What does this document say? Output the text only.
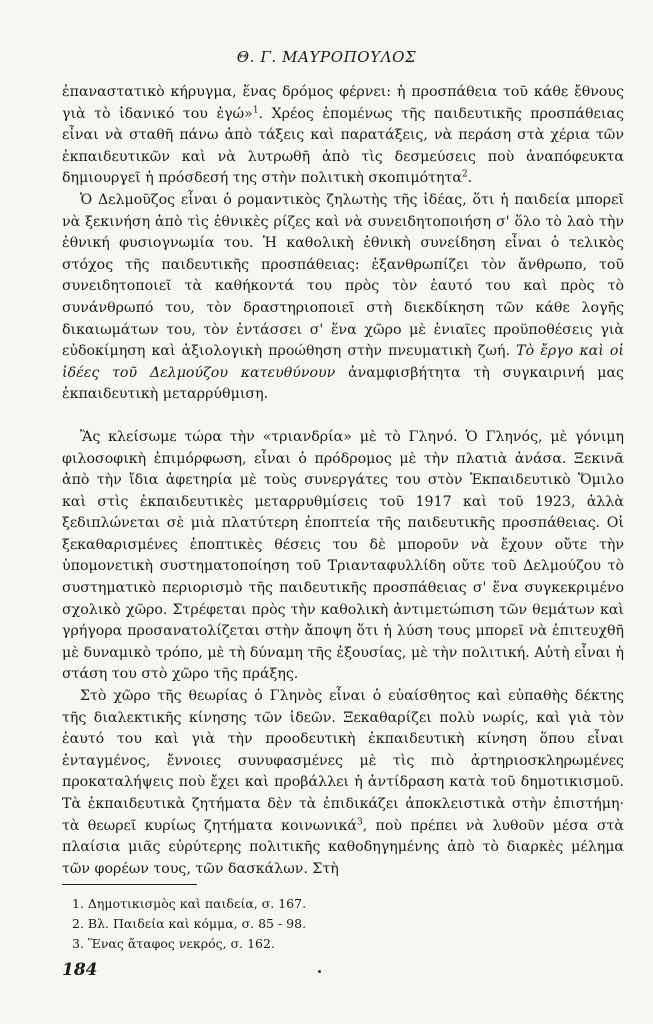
Θ. Γ. ΜΑΥΡΟΠΟΥΛΟΣ

ἐπαναστατικὸ κήρυγμα, ἕνας δρόμος φέρνει: ἡ προσπάθεια τοῦ κάθε ἔθνους γιὰ τὸ ἰδανικό του ἐγώ»$^1$. Χρέος ἑπομένως τῆς παιδευτικῆς προσπάθειας εἶναι νὰ σταθῆ πάνω ἀπὸ τάξεις καὶ παρατάξεις, νὰ περάση στὰ χέρια τῶν ἐκπαιδευτικῶν καὶ νὰ λυτρωθῆ ἀπὸ τὶς δεσμεύσεις ποὺ ἀναπόφευκτα δημιουργεῖ ἡ πρόσδεσή της στὴν πολιτικὴ σκοπιμότητα$^2$.

Ὁ Δελμοῦζος εἶναι ὁ ρομαντικὸς ζηλωτὴς τῆς ἰδέας, ὅτι ἡ παιδεία μπορεῖ νὰ ξεκινήση ἀπὸ τὶς ἐθνικὲς ρίζες καὶ νὰ συνειδητοποιήση σ' ὅλο τὸ λαὸ τὴν ἐθνική φυσιογνωμία του. Ἡ καθολικὴ ἐθνικὴ συνείδηση εἶναι ὁ τελικὸς στόχος τῆς παιδευτικῆς προσπάθειας: ἐξανθρωπίζει τὸν ἄνθρωπο, τοῦ συνειδητοποιεῖ τὰ καθήκοντά του πρὸς τὸν ἑαυτό του καὶ πρὸς τὸ συνάνθρωπό του, τὸν δραστηριοποιεῖ στὴ διεκδίκηση τῶν κάθε λογῆς δικαιωμάτων του, τὸν ἐντάσσει σ' ἕνα χῶρο μὲ ἑνιαῖες προϋποθέσεις γιὰ εὐδοκίμηση καὶ ἀξιολογικὴ προώθηση στὴν πνευματικὴ ζωή. Τὸ ἔργο καὶ οἱ ἰδέες τοῦ Δελμούζου κατευθύνουν ἀναμφισβήτητα τὴ συγκαιρινή μας ἐκπαιδευτικὴ μεταρρύθμιση.

Ἂς κλείσωμε τώρα τὴν «τριανδρία» μὲ τὸ Γληνό. Ὁ Γληνός, μὲ γόνιμη φιλοσοφικὴ ἐπιμόρφωση, εἶναι ὁ πρόδρομος μὲ τὴν πλατιὰ ἀνάσα. Ξεκινᾶ ἀπὸ τὴν ἴδια ἀφετηρία μὲ τοὺς συνεργάτες του στὸν Ἐκπαιδευτικὸ Ὅμιλο καὶ στὶς ἐκπαιδευτικὲς μεταρρυθμίσεις τοῦ 1917 καὶ τοῦ 1923, ἀλλὰ ξεδιπλώνεται σὲ μιὰ πλατύτερη ἐποπτεία τῆς παιδευτικῆς προσπάθειας. Οἱ ξεκαθαρισμένες ἐποπτικὲς θέσεις του δὲ μποροῦν νὰ ἔχουν οὔτε τὴν ὑπομονετικὴ συστηματοποίηση τοῦ Τριανταφυλλίδη οὔτε τοῦ Δελμούζου τὸ συστηματικὸ περιορισμὸ τῆς παιδευτικῆς προσπάθειας σ' ἕνα συγκεκριμένο σχολικὸ χῶρο. Στρέφεται πρὸς τὴν καθολικὴ ἀντιμετώπιση τῶν θεμάτων καὶ γρήγορα προσανατολίζεται στὴν ἄποψη ὅτι ἡ λύση τους μπορεῖ νὰ ἐπιτευχθῆ μὲ δυναμικὸ τρόπο, μὲ τὴ δύναμη τῆς ἐξουσίας, μὲ τὴν πολιτική. Αὐτὴ εἶναι ἡ στάση του στὸ χῶρο τῆς πράξης.

Στὸ χῶρο τῆς θεωρίας ὁ Γληνὸς εἶναι ὁ εὐαίσθητος καὶ εὐπαθὴς δέκτης τῆς διαλεκτικῆς κίνησης τῶν ἰδεῶν. Ξεκαθαρίζει πολὺ νωρίς, καὶ γιὰ τὸν ἑαυτό του καὶ γιὰ τὴν προοδευτικὴ ἐκπαιδευτικὴ κίνηση ὅπου εἶναι ἐνταγμένος, ἔννοιες συνυφασμένες μὲ τὶς πιὸ ἀρτηριοσκληρωμένες προκαταλήψεις ποὺ ἔχει καὶ προβάλλει ἡ ἀντίδραση κατὰ τοῦ δημοτικισμοῦ. Τὰ ἐκπαιδευτικὰ ζητήματα δὲν τὰ ἐπιδικάζει ἀποκλειστικὰ στὴν ἐπιστήμη· τὰ θεωρεῖ κυρίως ζητήματα κοινωνικά$^3$, ποὺ πρέπει νὰ λυθοῦν μέσα στὰ πλαίσια μιᾶς εὐρύτερης πολιτικῆς καθοδηγημένης ἀπὸ τὸ διαρκὲς μέλημα τῶν φορέων τους, τῶν δασκάλων. Στὴ

1. Δημοτικισμὸς καὶ παιδεία, σ. 167.
2. Βλ. Παιδεία καὶ κόμμα, σ. 85 - 98.
3. Ἕνας ἄταφος νεκρός, σ. 162.
184
